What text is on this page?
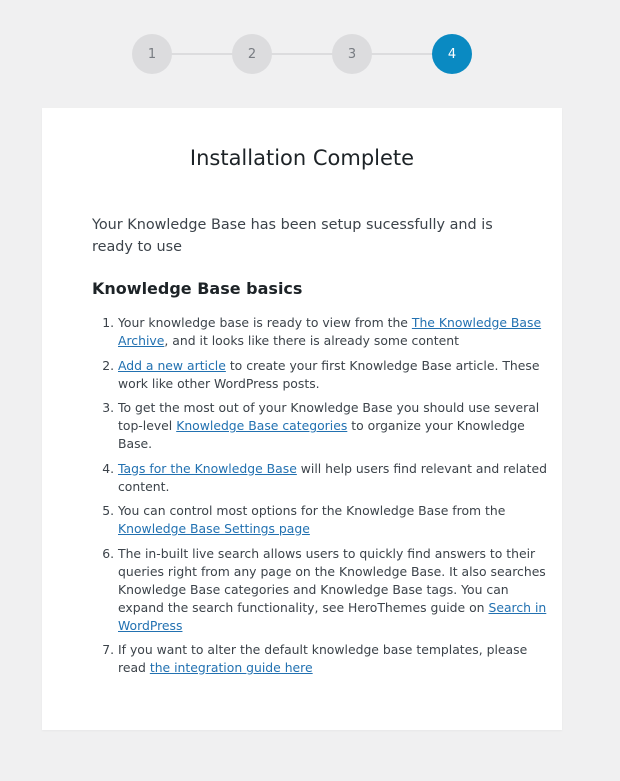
1	2	3	4
Installation Complete

Your Knowledge Base has been setup sucessfully and is ready to use

Knowledge Base basics
1. Your knowledge base is ready to view from the The Knowledge Base Archive, and it looks like there is already some content
2. Add a new article to create your first Knowledge Base article. These work like other WordPress posts.
3. To get the most out of your Knowledge Base you should use several top-level Knowledge Base categories to organize your Knowledge Base.
4. Tags for the Knowledge Base will help users find relevant and related content.
5. You can control most options for the Knowledge Base from the Knowledge Base Settings page
6. The in-built live search allows users to quickly find answers to their queries right from any page on the Knowledge Base. It also searches Knowledge Base categories and Knowledge Base tags. You can expand the search functionality, see HeroThemes guide on Search in WordPress
7. If you want to alter the default knowledge base templates, please read the integration guide here
